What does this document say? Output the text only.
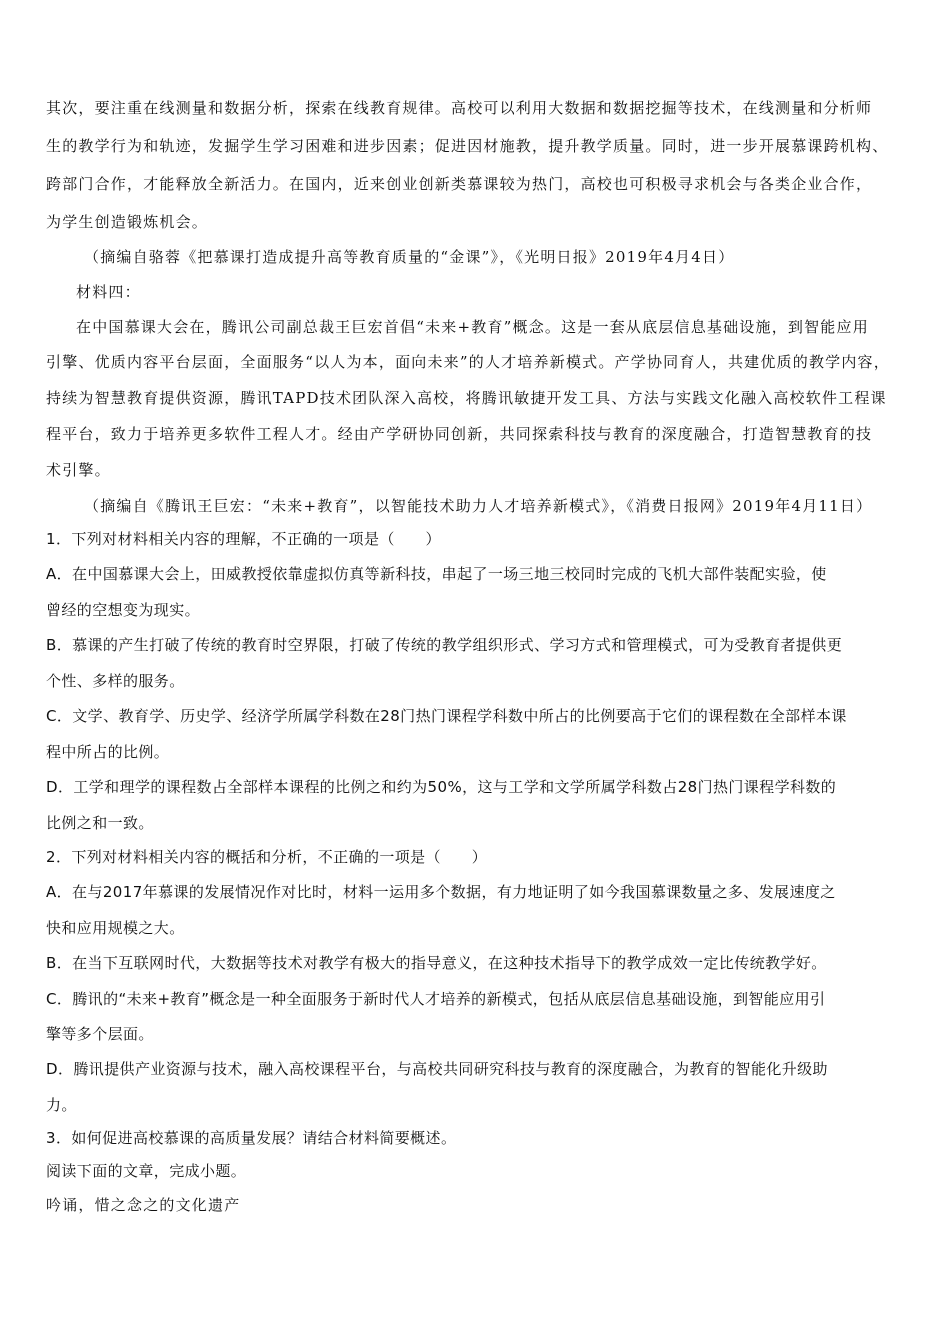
其次，要注重在线测量和数据分析，探索在线教育规律。高校可以利用大数据和数据挖掘等技术，在线测量和分析师
生的教学行为和轨迹，发掘学生学习困难和进步因素；促进因材施教，提升教学质量。同时，进一步开展慕课跨机构、
跨部门合作，才能释放全新活力。在国内，近来创业创新类慕课较为热门，高校也可积极寻求机会与各类企业合作，
为学生创造锻炼机会。
（摘编自骆蓉《把慕课打造成提升高等教育质量的“金课”》，《光明日报》2019年4月4日）
材料四：
在中国慕课大会在，腾讯公司副总裁王巨宏首倡“未来+教育”概念。这是一套从底层信息基础设施，到智能应用
引擎、优质内容平台层面，全面服务“以人为本，面向未来”的人才培养新模式。产学协同育人，共建优质的教学内容，
持续为智慧教育提供资源，腾讯TAPD技术团队深入高校，将腾讯敏捷开发工具、方法与实践文化融入高校软件工程课
程平台，致力于培养更多软件工程人才。经由产学研协同创新，共同探索科技与教育的深度融合，打造智慧教育的技
术引擎。
（摘编自《腾讯王巨宏：“未来+教育”，以智能技术助力人才培养新模式》，《消费日报网》2019年4月11日）
1．下列对材料相关内容的理解，不正确的一项是（　　）
A．在中国慕课大会上，田威教授依靠虚拟仿真等新科技，串起了一场三地三校同时完成的飞机大部件装配实验，使
曾经的空想变为现实。
B．慕课的产生打破了传统的教育时空界限，打破了传统的教学组织形式、学习方式和管理模式，可为受教育者提供更
个性、多样的服务。
C．文学、教育学、历史学、经济学所属学科数在28门热门课程学科数中所占的比例要高于它们的课程数在全部样本课
程中所占的比例。
D．工学和理学的课程数占全部样本课程的比例之和约为50%，这与工学和文学所属学科数占28门热门课程学科数的
比例之和一致。
2．下列对材料相关内容的概括和分析，不正确的一项是（　　）
A．在与2017年慕课的发展情况作对比时，材料一运用多个数据，有力地证明了如今我国慕课数量之多、发展速度之
快和应用规模之大。
B．在当下互联网时代，大数据等技术对教学有极大的指导意义，在这种技术指导下的教学成效一定比传统教学好。
C．腾讯的“未来+教育”概念是一种全面服务于新时代人才培养的新模式，包括从底层信息基础设施，到智能应用引
擎等多个层面。
D．腾讯提供产业资源与技术，融入高校课程平台，与高校共同研究科技与教育的深度融合，为教育的智能化升级助
力。
3．如何促进高校慕课的高质量发展？请结合材料简要概述。
阅读下面的文章，完成小题。
吟诵，惜之念之的文化遗产
